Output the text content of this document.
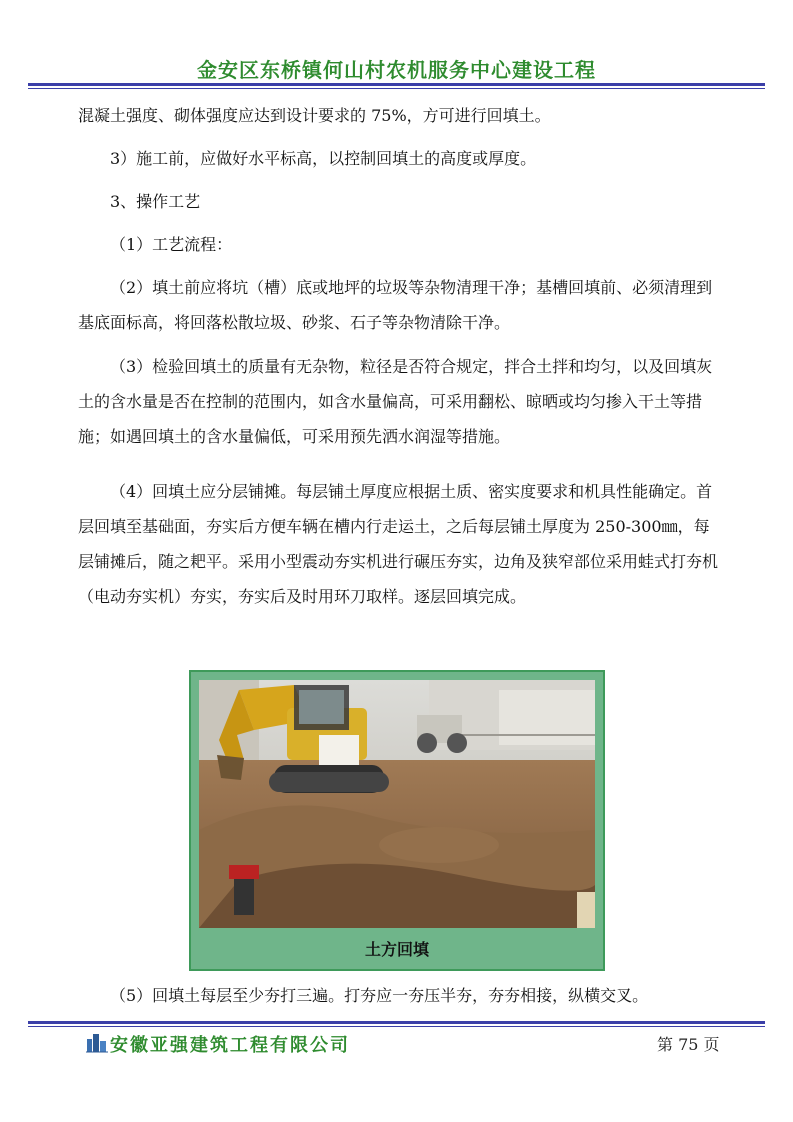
金安区东桥镇何山村农机服务中心建设工程
混凝土强度、砌体强度应达到设计要求的 75%，方可进行回填土。
3）施工前，应做好水平标高，以控制回填土的高度或厚度。
3、操作工艺
（1）工艺流程：
（2）填土前应将坑（槽）底或地坪的垃圾等杂物清理干净；基槽回填前、必须清理到基底面标高，将回落松散垃圾、砂浆、石子等杂物清除干净。
（3）检验回填土的质量有无杂物，粒径是否符合规定，拌合土拌和均匀，以及回填灰土的含水量是否在控制的范围内，如含水量偏高，可采用翻松、晾晒或均匀掺入干土等措施；如遇回填土的含水量偏低，可采用预先洒水润湿等措施。
（4）回填土应分层铺摊。每层铺土厚度应根据土质、密实度要求和机具性能确定。首层回填至基础面，夯实后方便车辆在槽内行走运土，之后每层铺土厚度为 250-300㎜，每层铺摊后，随之耙平。采用小型震动夯实机进行碾压夯实，边角及狭窄部位采用蛙式打夯机（电动夯实机）夯实，夯实后及时用环刀取样。逐层回填完成。
土方回填
（5）回填土每层至少夯打三遍。打夯应一夯压半夯，夯夯相接，纵横交叉。
安徽亚强建筑工程有限公司	第 75 页
